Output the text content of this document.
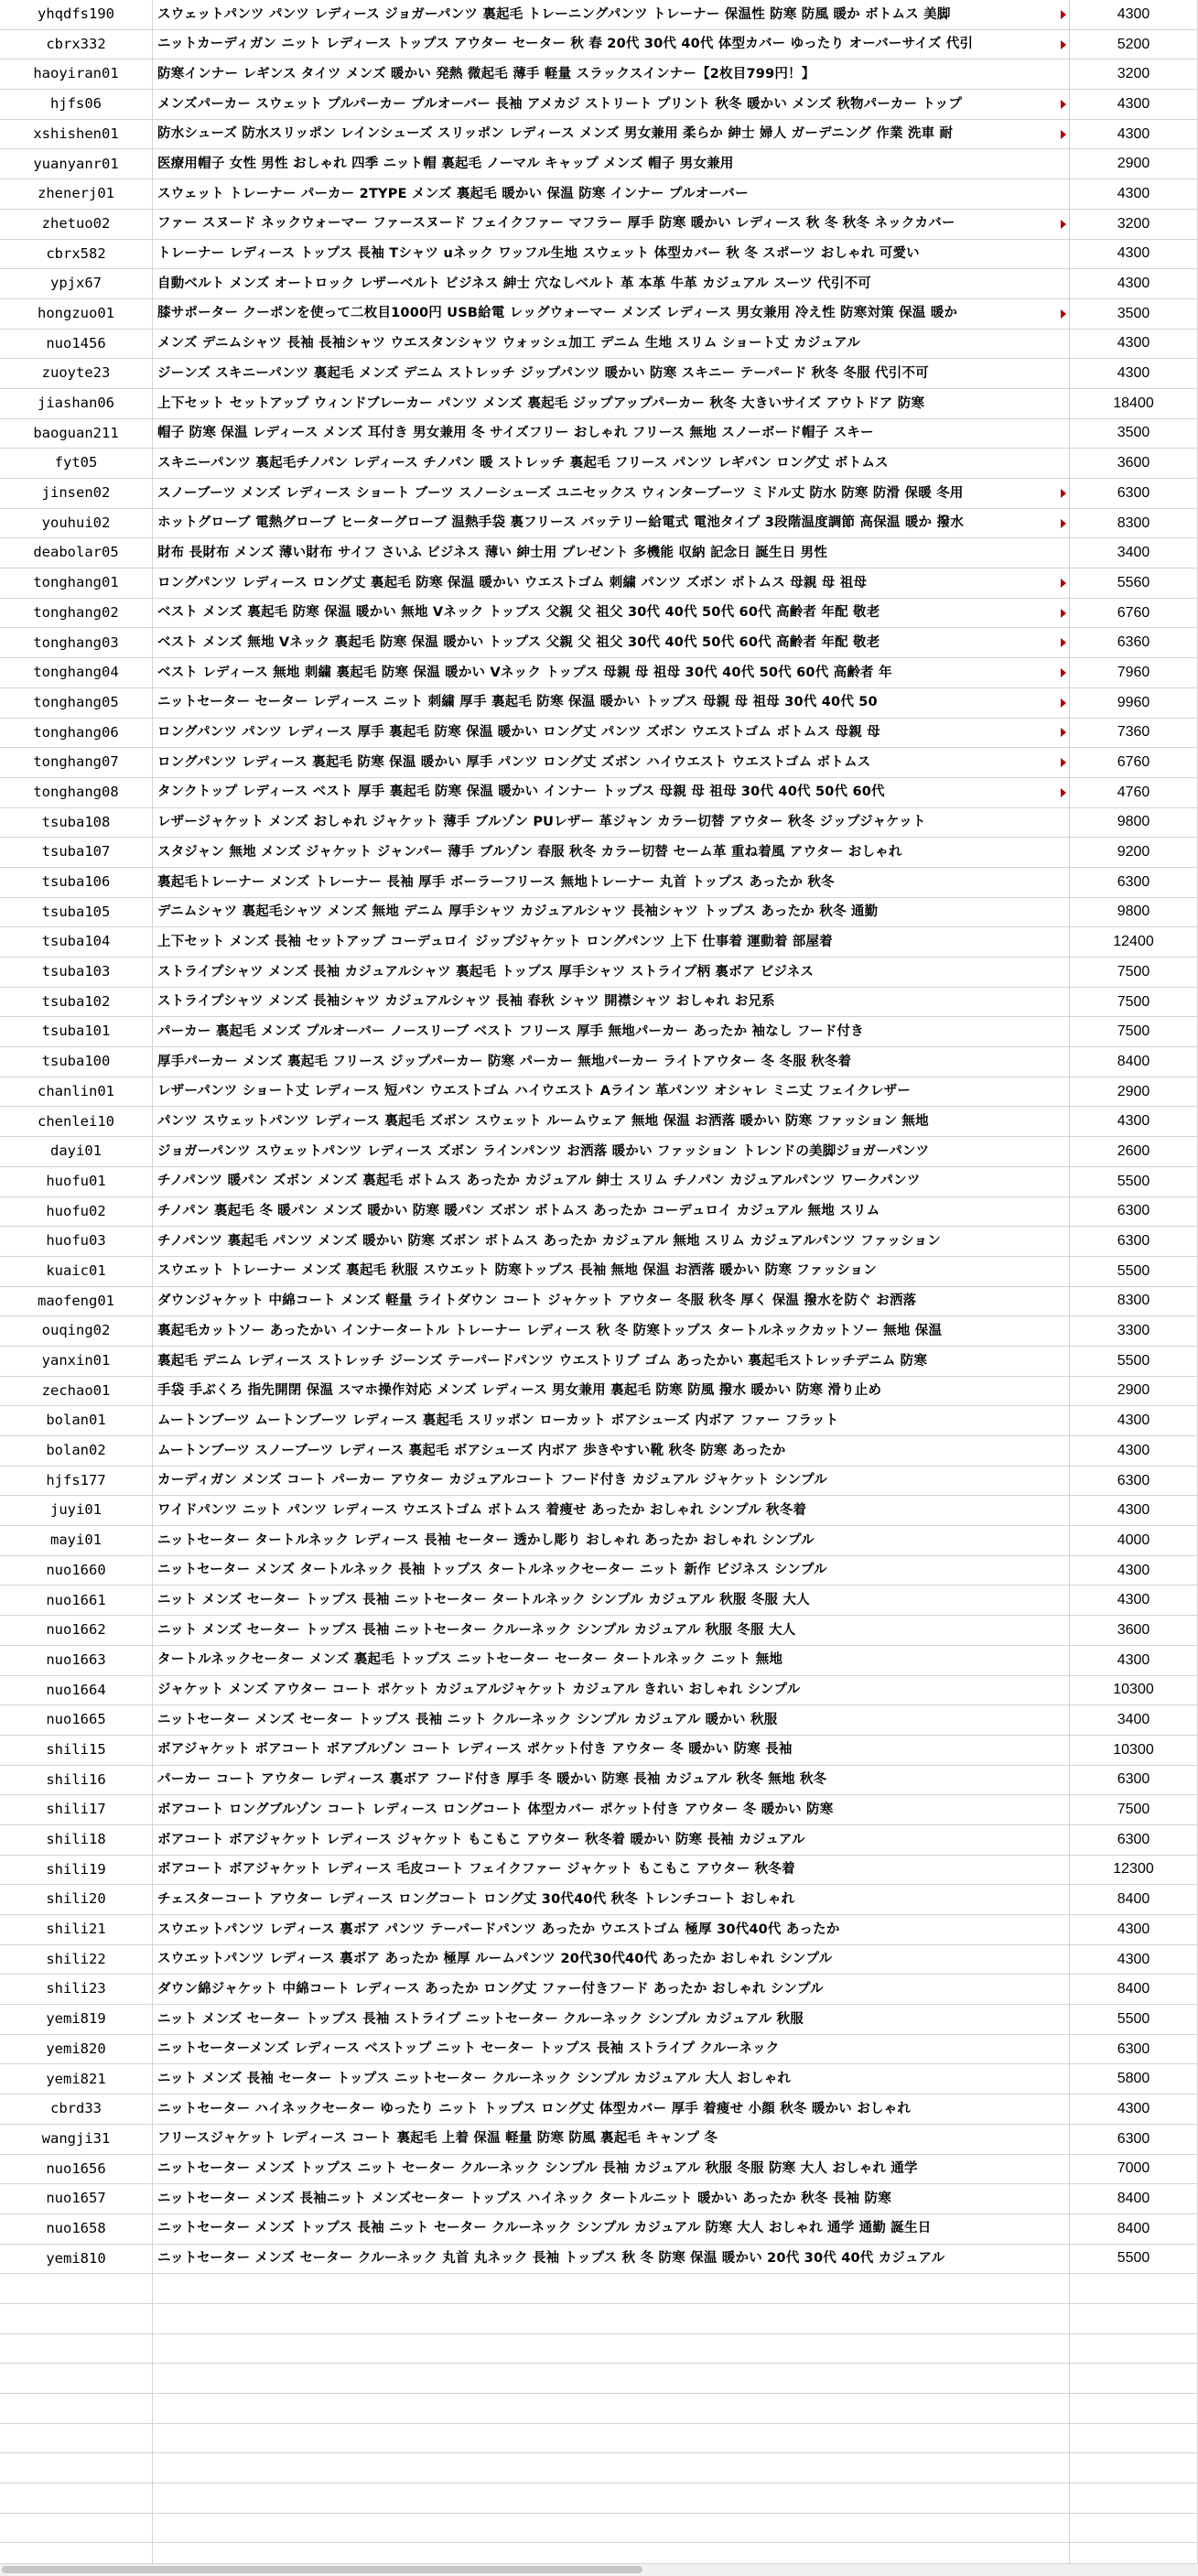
yhqdfs190	スウェットパンツ パンツ レディース ジョガーパンツ 裏起毛 トレーニングパンツ トレーナー 保温性 防寒 防風 暖か ボトムス 美脚	4300
cbrx332	ニットカーディガン ニット レディース トップス アウター セーター 秋 春 20代 30代 40代 体型カバー ゆったり オーバーサイズ 代引	5200
haoyiran01	防寒インナー レギンス タイツ メンズ 暖かい 発熱 微起毛 薄手 軽量 スラックスインナー【2枚目799円！】	3200
hjfs06	メンズパーカー スウェット プルパーカー プルオーバー 長袖 アメカジ ストリート プリント 秋冬 暖かい メンズ 秋物パーカー トップ	4300
xshishen01	防水シューズ 防水スリッポン レインシューズ スリッポン レディース メンズ 男女兼用 柔らか 紳士 婦人 ガーデニング 作業 洗車 耐	4300
yuanyanr01	医療用帽子 女性 男性 おしゃれ 四季 ニット帽 裏起毛 ノーマル キャップ メンズ 帽子 男女兼用	2900
zhenerj01	スウェット トレーナー パーカー 2TYPE メンズ 裏起毛 暖かい 保温 防寒 インナー プルオーバー	4300
zhetuo02	ファー スヌード ネックウォーマー ファースヌード フェイクファー マフラー 厚手 防寒 暖かい レディース 秋 冬 秋冬 ネックカバー	3200
cbrx582	トレーナー レディース トップス 長袖 Tシャツ uネック ワッフル生地 スウェット 体型カバー 秋 冬 スポーツ おしゃれ 可愛い	4300
ypjx67	自動ベルト メンズ オートロック レザーベルト ビジネス 紳士 穴なしベルト 革 本革 牛革 カジュアル スーツ 代引不可	4300
hongzuo01	膝サポーター クーポンを使って二枚目1000円 USB給電 レッグウォーマー メンズ レディース 男女兼用 冷え性 防寒対策 保温 暖か	3500
nuo1456	メンズ デニムシャツ 長袖 長袖シャツ ウエスタンシャツ ウォッシュ加工 デニム 生地 スリム ショート丈 カジュアル	4300
zuoyte23	ジーンズ スキニーパンツ 裏起毛 メンズ デニム ストレッチ ジップパンツ 暖かい 防寒 スキニー テーパード 秋冬 冬服 代引不可	4300
jiashan06	上下セット セットアップ ウィンドブレーカー パンツ メンズ 裏起毛 ジップアップパーカー 秋冬 大きいサイズ アウトドア 防寒	18400
baoguan211	帽子 防寒 保温 レディース メンズ 耳付き 男女兼用 冬 サイズフリー おしゃれ フリース 無地 スノーボード帽子 スキー	3500
fyt05	スキニーパンツ 裏起毛チノパン レディース チノパン 暖 ストレッチ 裏起毛 フリース パンツ レギパン ロング丈 ボトムス	3600
jinsen02	スノーブーツ メンズ レディース ショート ブーツ スノーシューズ ユニセックス ウィンターブーツ ミドル丈 防水 防寒 防滑 保暖 冬用	6300
youhui02	ホットグローブ 電熱グローブ ヒーターグローブ 温熱手袋 裏フリース バッテリー給電式 電池タイプ 3段階温度調節 高保温 暖か 撥水	8300
deabolar05	財布 長財布 メンズ 薄い財布 サイフ さいふ ビジネス 薄い 紳士用 プレゼント 多機能 収納 記念日 誕生日 男性	3400
tonghang01	ロングパンツ レディース ロング丈 裏起毛 防寒 保温 暖かい ウエストゴム 刺繍 パンツ ズボン ボトムス 母親 母 祖母	5560
tonghang02	ベスト メンズ 裏起毛 防寒 保温 暖かい 無地 Vネック トップス 父親 父 祖父 30代 40代 50代 60代 高齢者 年配 敬老	6760
tonghang03	ベスト メンズ 無地 Vネック 裏起毛 防寒 保温 暖かい トップス 父親 父 祖父 30代 40代 50代 60代 高齢者 年配 敬老	6360
tonghang04	ベスト レディース 無地 刺繍 裏起毛 防寒 保温 暖かい Vネック トップス 母親 母 祖母 30代 40代 50代 60代 高齢者 年	7960
tonghang05	ニットセーター セーター レディース ニット 刺繍 厚手 裏起毛 防寒 保温 暖かい トップス 母親 母 祖母 30代 40代 50	9960
tonghang06	ロングパンツ パンツ レディース 厚手 裏起毛 防寒 保温 暖かい ロング丈 パンツ ズボン ウエストゴム ボトムス 母親 母	7360
tonghang07	ロングパンツ レディース 裏起毛 防寒 保温 暖かい 厚手 パンツ ロング丈 ズボン ハイウエスト ウエストゴム ボトムス	6760
tonghang08	タンクトップ レディース ベスト 厚手 裏起毛 防寒 保温 暖かい インナー トップス 母親 母 祖母 30代 40代 50代 60代	4760
tsuba108	レザージャケット メンズ おしゃれ ジャケット 薄手 ブルゾン PUレザー 革ジャン カラー切替 アウター 秋冬 ジップジャケット	9800
tsuba107	スタジャン 無地 メンズ ジャケット ジャンパー 薄手 ブルゾン 春服 秋冬 カラー切替 セーム革 重ね着風 アウター おしゃれ	9200
tsuba106	裏起毛トレーナー メンズ トレーナー 長袖 厚手 ボーラーフリース 無地トレーナー 丸首 トップス あったか 秋冬	6300
tsuba105	デニムシャツ 裏起毛シャツ メンズ 無地 デニム 厚手シャツ カジュアルシャツ 長袖シャツ トップス あったか 秋冬 通勤	9800
tsuba104	上下セット メンズ 長袖 セットアップ コーデュロイ ジップジャケット ロングパンツ 上下 仕事着 運動着 部屋着	12400
tsuba103	ストライプシャツ メンズ 長袖 カジュアルシャツ 裏起毛 トップス 厚手シャツ ストライプ柄 裏ボア ビジネス	7500
tsuba102	ストライプシャツ メンズ 長袖シャツ カジュアルシャツ 長袖 春秋 シャツ 開襟シャツ おしゃれ お兄系	7500
tsuba101	パーカー 裏起毛 メンズ プルオーバー ノースリーブ ベスト フリース 厚手 無地パーカー あったか 袖なし フード付き	7500
tsuba100	厚手パーカー メンズ 裏起毛 フリース ジップパーカー 防寒 パーカー 無地パーカー ライトアウター 冬 冬服 秋冬着	8400
chanlin01	レザーパンツ ショート丈 レディース 短パン ウエストゴム ハイウエスト Aライン 革パンツ オシャレ ミニ丈 フェイクレザー	2900
chenlei10	パンツ スウェットパンツ レディース 裏起毛 ズボン スウェット ルームウェア 無地 保温 お洒落 暖かい 防寒 ファッション 無地	4300
dayi01	ジョガーパンツ スウェットパンツ レディース ズボン ラインパンツ お洒落 暖かい ファッション トレンドの美脚ジョガーパンツ	2600
huofu01	チノパンツ 暖パン ズボン メンズ 裏起毛 ボトムス あったか カジュアル 紳士 スリム チノパン カジュアルパンツ ワークパンツ	5500
huofu02	チノパン 裏起毛 冬 暖パン メンズ 暖かい 防寒 暖パン ズボン ボトムス あったか コーデュロイ カジュアル 無地 スリム	6300
huofu03	チノパンツ 裏起毛 パンツ メンズ 暖かい 防寒 ズボン ボトムス あったか カジュアル 無地 スリム カジュアルパンツ ファッション	6300
kuaic01	スウエット トレーナー メンズ 裏起毛 秋服 スウエット 防寒トップス 長袖 無地 保温 お洒落 暖かい 防寒 ファッション	5500
maofeng01	ダウンジャケット 中綿コート メンズ 軽量 ライトダウン コート ジャケット アウター 冬服 秋冬 厚く 保温 撥水を防ぐ お洒落	8300
ouqing02	裏起毛カットソー あったかい インナータートル トレーナー レディース 秋 冬 防寒トップス タートルネックカットソー 無地 保温	3300
yanxin01	裏起毛 デニム レディース ストレッチ ジーンズ テーパードパンツ ウエストリブ ゴム あったかい 裏起毛ストレッチデニム 防寒	5500
zechao01	手袋 手ぶくろ 指先開閉 保温 スマホ操作対応 メンズ レディース 男女兼用 裏起毛 防寒 防風 撥水 暖かい 防寒 滑り止め	2900
bolan01	ムートンブーツ ムートンブーツ レディース 裏起毛 スリッポン ローカット ボアシューズ 内ボア ファー フラット	4300
bolan02	ムートンブーツ スノーブーツ レディース 裏起毛 ボアシューズ 内ボア 歩きやすい靴 秋冬 防寒 あったか	4300
hjfs177	カーディガン メンズ コート パーカー アウター カジュアルコート フード付き カジュアル ジャケット シンプル	6300
juyi01	ワイドパンツ ニット パンツ レディース ウエストゴム ボトムス 着痩せ あったか おしゃれ シンプル 秋冬着	4300
mayi01	ニットセーター タートルネック レディース 長袖 セーター 透かし彫り おしゃれ あったか おしゃれ シンプル	4000
nuo1660	ニットセーター メンズ タートルネック 長袖 トップス タートルネックセーター ニット 新作 ビジネス シンプル	4300
nuo1661	ニット メンズ セーター トップス 長袖 ニットセーター タートルネック シンプル カジュアル 秋服 冬服 大人	4300
nuo1662	ニット メンズ セーター トップス 長袖 ニットセーター クルーネック シンプル カジュアル 秋服 冬服 大人	3600
nuo1663	タートルネックセーター メンズ 裏起毛 トップス ニットセーター セーター タートルネック ニット 無地	4300
nuo1664	ジャケット メンズ アウター コート ポケット カジュアルジャケット カジュアル きれい おしゃれ シンプル	10300
nuo1665	ニットセーター メンズ セーター トップス 長袖 ニット クルーネック シンプル カジュアル 暖かい 秋服	3400
shili15	ボアジャケット ボアコート ボアブルゾン コート レディース ポケット付き アウター 冬 暖かい 防寒 長袖	10300
shili16	パーカー コート アウター レディース 裏ボア フード付き 厚手 冬 暖かい 防寒 長袖 カジュアル 秋冬 無地 秋冬	6300
shili17	ボアコート ロングブルゾン コート レディース ロングコート 体型カバー ポケット付き アウター 冬 暖かい 防寒	7500
shili18	ボアコート ボアジャケット レディース ジャケット もこもこ アウター 秋冬着 暖かい 防寒 長袖 カジュアル	6300
shili19	ボアコート ボアジャケット レディース 毛皮コート フェイクファー ジャケット もこもこ アウター 秋冬着	12300
shili20	チェスターコート アウター レディース ロングコート ロング丈 30代40代 秋冬 トレンチコート おしゃれ	8400
shili21	スウエットパンツ レディース 裏ボア パンツ テーパードパンツ あったか ウエストゴム 極厚 30代40代 あったか	4300
shili22	スウエットパンツ レディース 裏ボア あったか 極厚 ルームパンツ 20代30代40代 あったか おしゃれ シンプル	4300
shili23	ダウン綿ジャケット 中綿コート レディース あったか ロング丈 ファー付きフード あったか おしゃれ シンプル	8400
yemi819	ニット メンズ セーター トップス 長袖 ストライプ ニットセーター クルーネック シンプル カジュアル 秋服	5500
yemi820	ニットセーターメンズ レディース ベストップ ニット セーター トップス 長袖 ストライプ クルーネック	6300
yemi821	ニット メンズ 長袖 セーター トップス ニットセーター クルーネック シンプル カジュアル 大人 おしゃれ	5800
cbrd33	ニットセーター ハイネックセーター ゆったり ニット トップス ロング丈 体型カバー 厚手 着痩せ 小顔 秋冬 暖かい おしゃれ	4300
wangji31	フリースジャケット レディース コート 裏起毛 上着 保温 軽量 防寒 防風 裏起毛 キャンプ 冬	6300
nuo1656	ニットセーター メンズ トップス ニット セーター クルーネック シンプル 長袖 カジュアル 秋服 冬服 防寒 大人 おしゃれ 通学	7000
nuo1657	ニットセーター メンズ 長袖ニット メンズセーター トップス ハイネック タートルニット 暖かい あったか 秋冬 長袖 防寒	8400
nuo1658	ニットセーター メンズ トップス 長袖 ニット セーター クルーネック シンプル カジュアル 防寒 大人 おしゃれ 通学 通勤 誕生日	8400
yemi810	ニットセーター メンズ セーター クルーネック 丸首 丸ネック 長袖 トップス 秋 冬 防寒 保温 暖かい 20代 30代 40代 カジュアル	5500
